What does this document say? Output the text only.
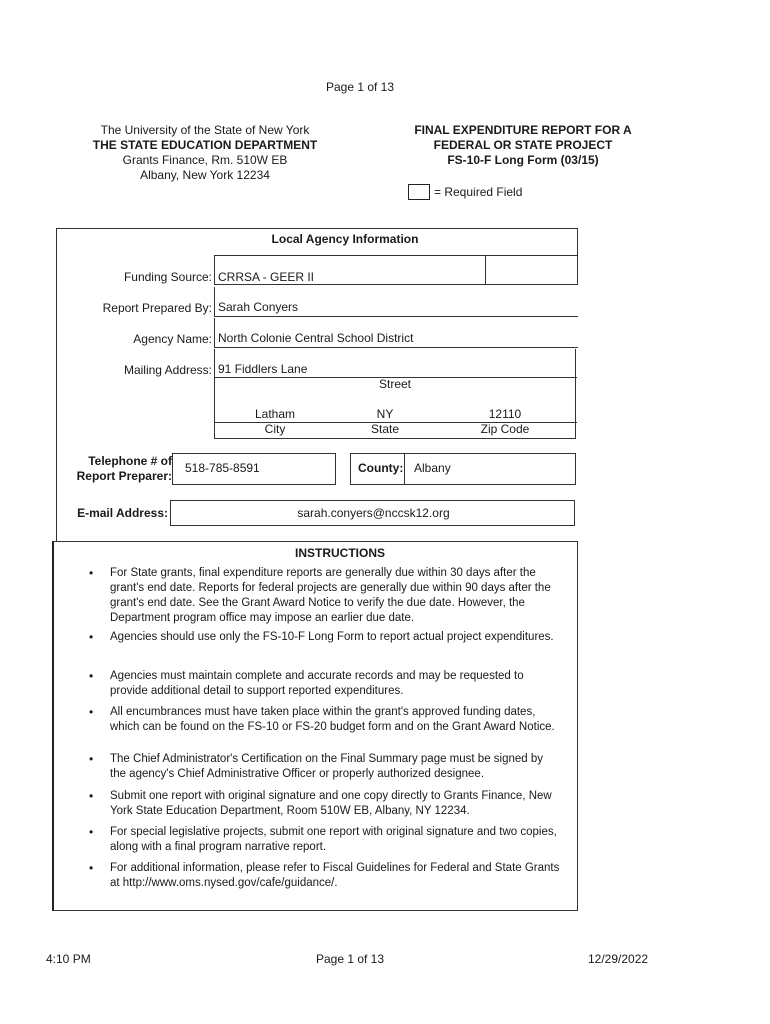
Page 1 of 13
The University of the State of New York
THE STATE EDUCATION DEPARTMENT
Grants Finance, Rm. 510W EB
Albany, New York 12234
FINAL EXPENDITURE REPORT FOR A
FEDERAL OR STATE PROJECT
FS-10-F Long Form (03/15)
= Required Field
Local Agency Information
Funding Source: CRRSA - GEER II
Report Prepared By: Sarah Conyers
Agency Name: North Colonie Central School District
Mailing Address: 91 Fiddlers Lane
Street
Latham	NY	12110
City	State	Zip Code
Telephone # of
Report Preparer:
518-785-8591	County: Albany
E-mail Address:	sarah.conyers@nccsk12.org
INSTRUCTIONS
• For State grants, final expenditure reports are generally due within 30 days after the grant's end date. Reports for federal projects are generally due within 90 days after the grant's end date. See the Grant Award Notice to verify the due date. However, the Department program office may impose an earlier due date.
• Agencies should use only the FS-10-F Long Form to report actual project expenditures.
• Agencies must maintain complete and accurate records and may be requested to provide additional detail to support reported expenditures.
• All encumbrances must have taken place within the grant's approved funding dates, which can be found on the FS-10 or FS-20 budget form and on the Grant Award Notice.
• The Chief Administrator's Certification on the Final Summary page must be signed by the agency's Chief Administrative Officer or properly authorized designee.
• Submit one report with original signature and one copy directly to Grants Finance, New York State Education Department, Room 510W EB, Albany, NY 12234.
• For special legislative projects, submit one report with original signature and two copies, along with a final program narrative report.
• For additional information, please refer to Fiscal Guidelines for Federal and State Grants at http://www.oms.nysed.gov/cafe/guidance/.
4:10 PM	Page 1 of 13	12/29/2022
